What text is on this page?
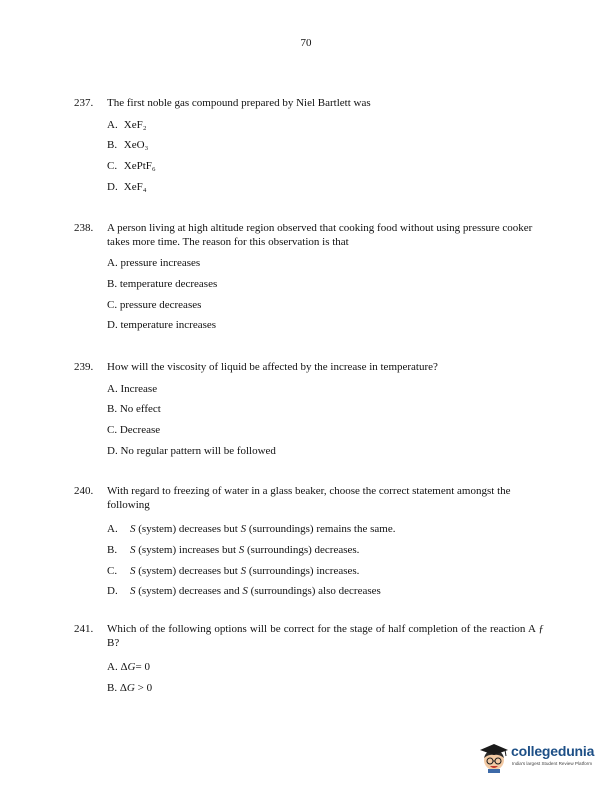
70
237.	The first noble gas compound prepared by Niel Bartlett was
A. XeF₂
B. XeO₃
C. XePtF₆
D. XeF₄
238.	A person living at high altitude region observed that cooking food without using pressure cooker takes more time. The reason for this observation is that
A. pressure increases
B. temperature decreases
C. pressure decreases
D. temperature increases
239.	How will the viscosity of liquid be affected by the increase in temperature?
A. Increase
B. No effect
C. Decrease
D. No regular pattern will be followed
240.	With regard to freezing of water in a glass beaker, choose the correct statement amongst the following
A. S (system) decreases but S (surroundings) remains the same.
B. S (system) increases but S (surroundings) decreases.
C. S (system) decreases but S (surroundings) increases.
D. S (system) decreases and S (surroundings) also decreases
241.	Which of the following options will be correct for the stage of half completion of the reaction A ƒ B?
A. ΔG= 0
B. ΔG > 0
collegedunia
India's largest Student Review Platform
